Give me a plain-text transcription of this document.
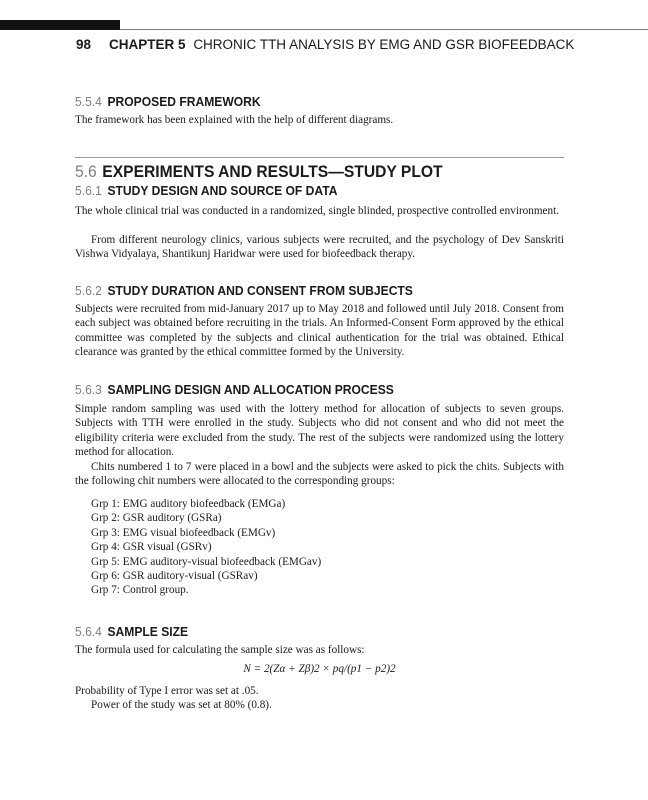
98 CHAPTER 5 CHRONIC TTH ANALYSIS BY EMG AND GSR BIOFEEDBACK
5.5.4 PROPOSED FRAMEWORK

The framework has been explained with the help of different diagrams.

5.6 EXPERIMENTS AND RESULTS—STUDY PLOT
5.6.1 STUDY DESIGN AND SOURCE OF DATA

The whole clinical trial was conducted in a randomized, single blinded, prospective controlled environment.

From different neurology clinics, various subjects were recruited, and the psychology of Dev Sanskriti Vishwa Vidyalaya, Shantikunj Haridwar were used for biofeedback therapy.

5.6.2 STUDY DURATION AND CONSENT FROM SUBJECTS

Subjects were recruited from mid-January 2017 up to May 2018 and followed until July 2018. Consent from each subject was obtained before recruiting in the trials. An Informed-Consent Form approved by the ethical committee was completed by the subjects and clinical authentication for the trial was obtained. Ethical clearance was granted by the ethical committee formed by the University.

5.6.3 SAMPLING DESIGN AND ALLOCATION PROCESS

Simple random sampling was used with the lottery method for allocation of subjects to seven groups. Subjects with TTH were enrolled in the study. Subjects who did not consent and who did not meet the eligibility criteria were excluded from the study. The rest of the subjects were randomized using the lottery method for allocation.

Chits numbered 1 to 7 were placed in a bowl and the subjects were asked to pick the chits. Subjects with the following chit numbers were allocated to the corresponding groups:

Grp 1: EMG auditory biofeedback (EMGa)
Grp 2: GSR auditory (GSRa)
Grp 3: EMG visual biofeedback (EMGv)
Grp 4: GSR visual (GSRv)
Grp 5: EMG auditory-visual biofeedback (EMGav)
Grp 6: GSR auditory-visual (GSRav)
Grp 7: Control group.
5.6.4 SAMPLE SIZE

The formula used for calculating the sample size was as follows:

N = 2(Zα + Zβ)2 × pq/(p1 − p2)2

Probability of Type I error was set at .05.

Power of the study was set at 80% (0.8).
